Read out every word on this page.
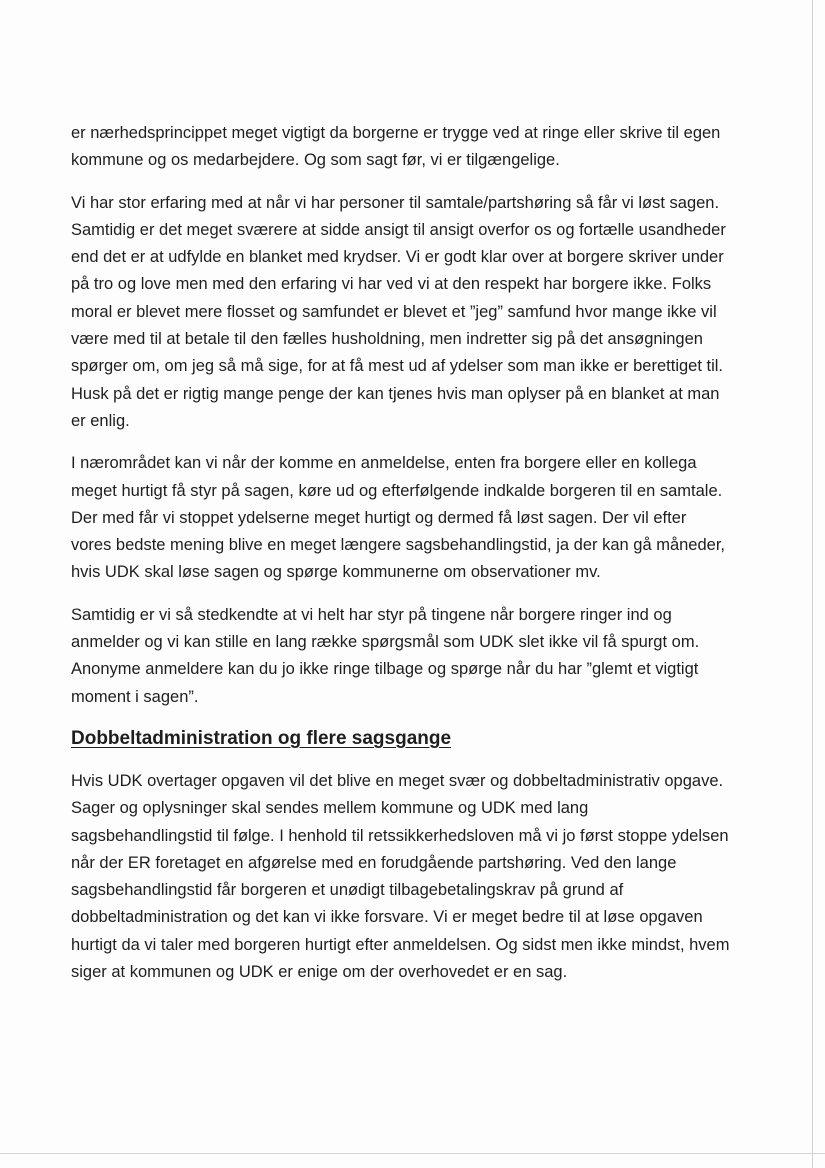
er nærhedsprincippet meget vigtigt da borgerne er trygge ved at ringe eller skrive til egen kommune og os medarbejdere. Og som sagt før, vi er tilgængelige.

Vi har stor erfaring med at når vi har personer til samtale/partshøring så får vi løst sagen. Samtidig er det meget sværere at sidde ansigt til ansigt overfor os og fortælle usandheder end det er at udfylde en blanket med krydser. Vi er godt klar over at borgere skriver under på tro og love men med den erfaring vi har ved vi at den respekt har borgere ikke. Folks moral er blevet mere flosset og samfundet er blevet et ”jeg” samfund hvor mange ikke vil være med til at betale til den fælles husholdning, men indretter sig på det ansøgningen spørger om, om jeg så må sige, for at få mest ud af ydelser som man ikke er berettiget til. Husk på det er rigtig mange penge der kan tjenes hvis man oplyser på en blanket at man er enlig.

I nærområdet kan vi når der komme en anmeldelse, enten fra borgere eller en kollega meget hurtigt få styr på sagen, køre ud og efterfølgende indkalde borgeren til en samtale. Der med får vi stoppet ydelserne meget hurtigt og dermed få løst sagen. Der vil efter vores bedste mening blive en meget længere sagsbehandlingstid, ja der kan gå måneder, hvis UDK skal løse sagen og spørge kommunerne om observationer mv.

Samtidig er vi så stedkendte at vi helt har styr på tingene når borgere ringer ind og anmelder og vi kan stille en lang række spørgsmål som UDK slet ikke vil få spurgt om. Anonyme anmeldere kan du jo ikke ringe tilbage og spørge når du har ”glemt et vigtigt moment i sagen”.

Dobbeltadministration og flere sagsgange

Hvis UDK overtager opgaven vil det blive en meget svær og dobbeltadministrativ opgave. Sager og oplysninger skal sendes mellem kommune og UDK med lang sagsbehandlingstid til følge. I henhold til retssikkerhedsloven må vi jo først stoppe ydelsen når der ER foretaget en afgørelse med en forudgående partshøring. Ved den lange sagsbehandlingstid får borgeren et unødigt tilbagebetalingskrav på grund af dobbeltadministration og det kan vi ikke forsvare. Vi er meget bedre til at løse opgaven hurtigt da vi taler med borgeren hurtigt efter anmeldelsen. Og sidst men ikke mindst, hvem siger at kommunen og UDK er enige om der overhovedet er en sag.
